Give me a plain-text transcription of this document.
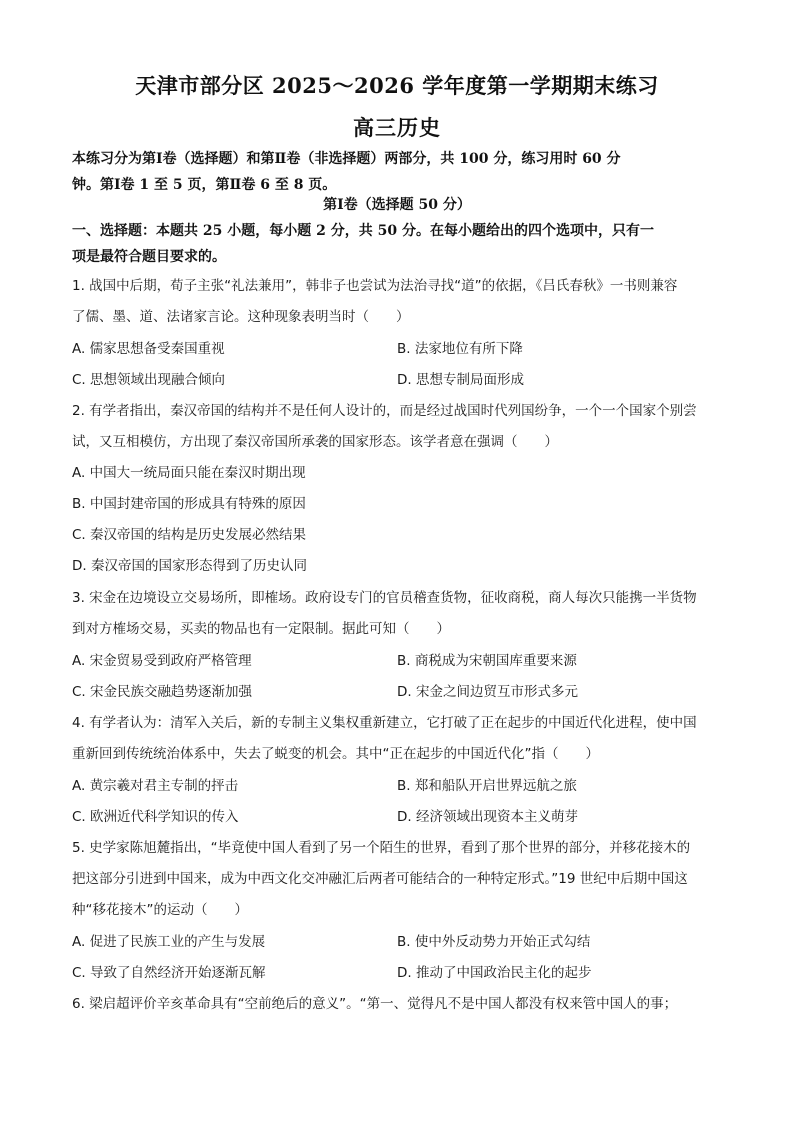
天津市部分区 2025～2026 学年度第一学期期末练习
高三历史
本练习分为第Ⅰ卷（选择题）和第Ⅱ卷（非选择题）两部分，共 100 分，练习用时 60 分
钟。第Ⅰ卷 1 至 5 页，第Ⅱ卷 6 至 8 页。
第Ⅰ卷（选择题 50 分）
一、选择题：本题共 25 小题，每小题 2 分，共 50 分。在每小题给出的四个选项中，只有一
项是最符合题目要求的。
1. 战国中后期，荀子主张“礼法兼用”，韩非子也尝试为法治寻找“道”的依据，《吕氏春秋》一书则兼容
了儒、墨、道、法诸家言论。这种现象表明当时（　　）
A. 儒家思想备受秦国重视	B. 法家地位有所下降
C. 思想领域出现融合倾向	D. 思想专制局面形成
2. 有学者指出，秦汉帝国的结构并不是任何人设计的，而是经过战国时代列国纷争，一个一个国家个别尝
试，又互相模仿，方出现了秦汉帝国所承袭的国家形态。该学者意在强调（　　）
A. 中国大一统局面只能在秦汉时期出现
B. 中国封建帝国的形成具有特殊的原因
C. 秦汉帝国的结构是历史发展必然结果
D. 秦汉帝国的国家形态得到了历史认同
3. 宋金在边境设立交易场所，即榷场。政府设专门的官员稽查货物，征收商税，商人每次只能携一半货物
到对方榷场交易，买卖的物品也有一定限制。据此可知（　　）
A. 宋金贸易受到政府严格管理	B. 商税成为宋朝国库重要来源
C. 宋金民族交融趋势逐渐加强	D. 宋金之间边贸互市形式多元
4. 有学者认为：清军入关后，新的专制主义集权重新建立，它打破了正在起步的中国近代化进程，使中国
重新回到传统统治体系中，失去了蜕变的机会。其中“正在起步的中国近代化”指（　　）
A. 黄宗羲对君主专制的抨击	B. 郑和船队开启世界远航之旅
C. 欧洲近代科学知识的传入	D. 经济领域出现资本主义萌芽
5. 史学家陈旭麓指出，“毕竟使中国人看到了另一个陌生的世界，看到了那个世界的部分，并移花接木的
把这部分引进到中国来，成为中西文化交冲融汇后两者可能结合的一种特定形式。”19 世纪中后期中国这
种“移花接木”的运动（　　）
A. 促进了民族工业的产生与发展	B. 使中外反动势力开始正式勾结
C. 导致了自然经济开始逐渐瓦解	D. 推动了中国政治民主化的起步
6. 梁启超评价辛亥革命具有“空前绝后的意义”。“第一、觉得凡不是中国人都没有权来管中国人的事；
